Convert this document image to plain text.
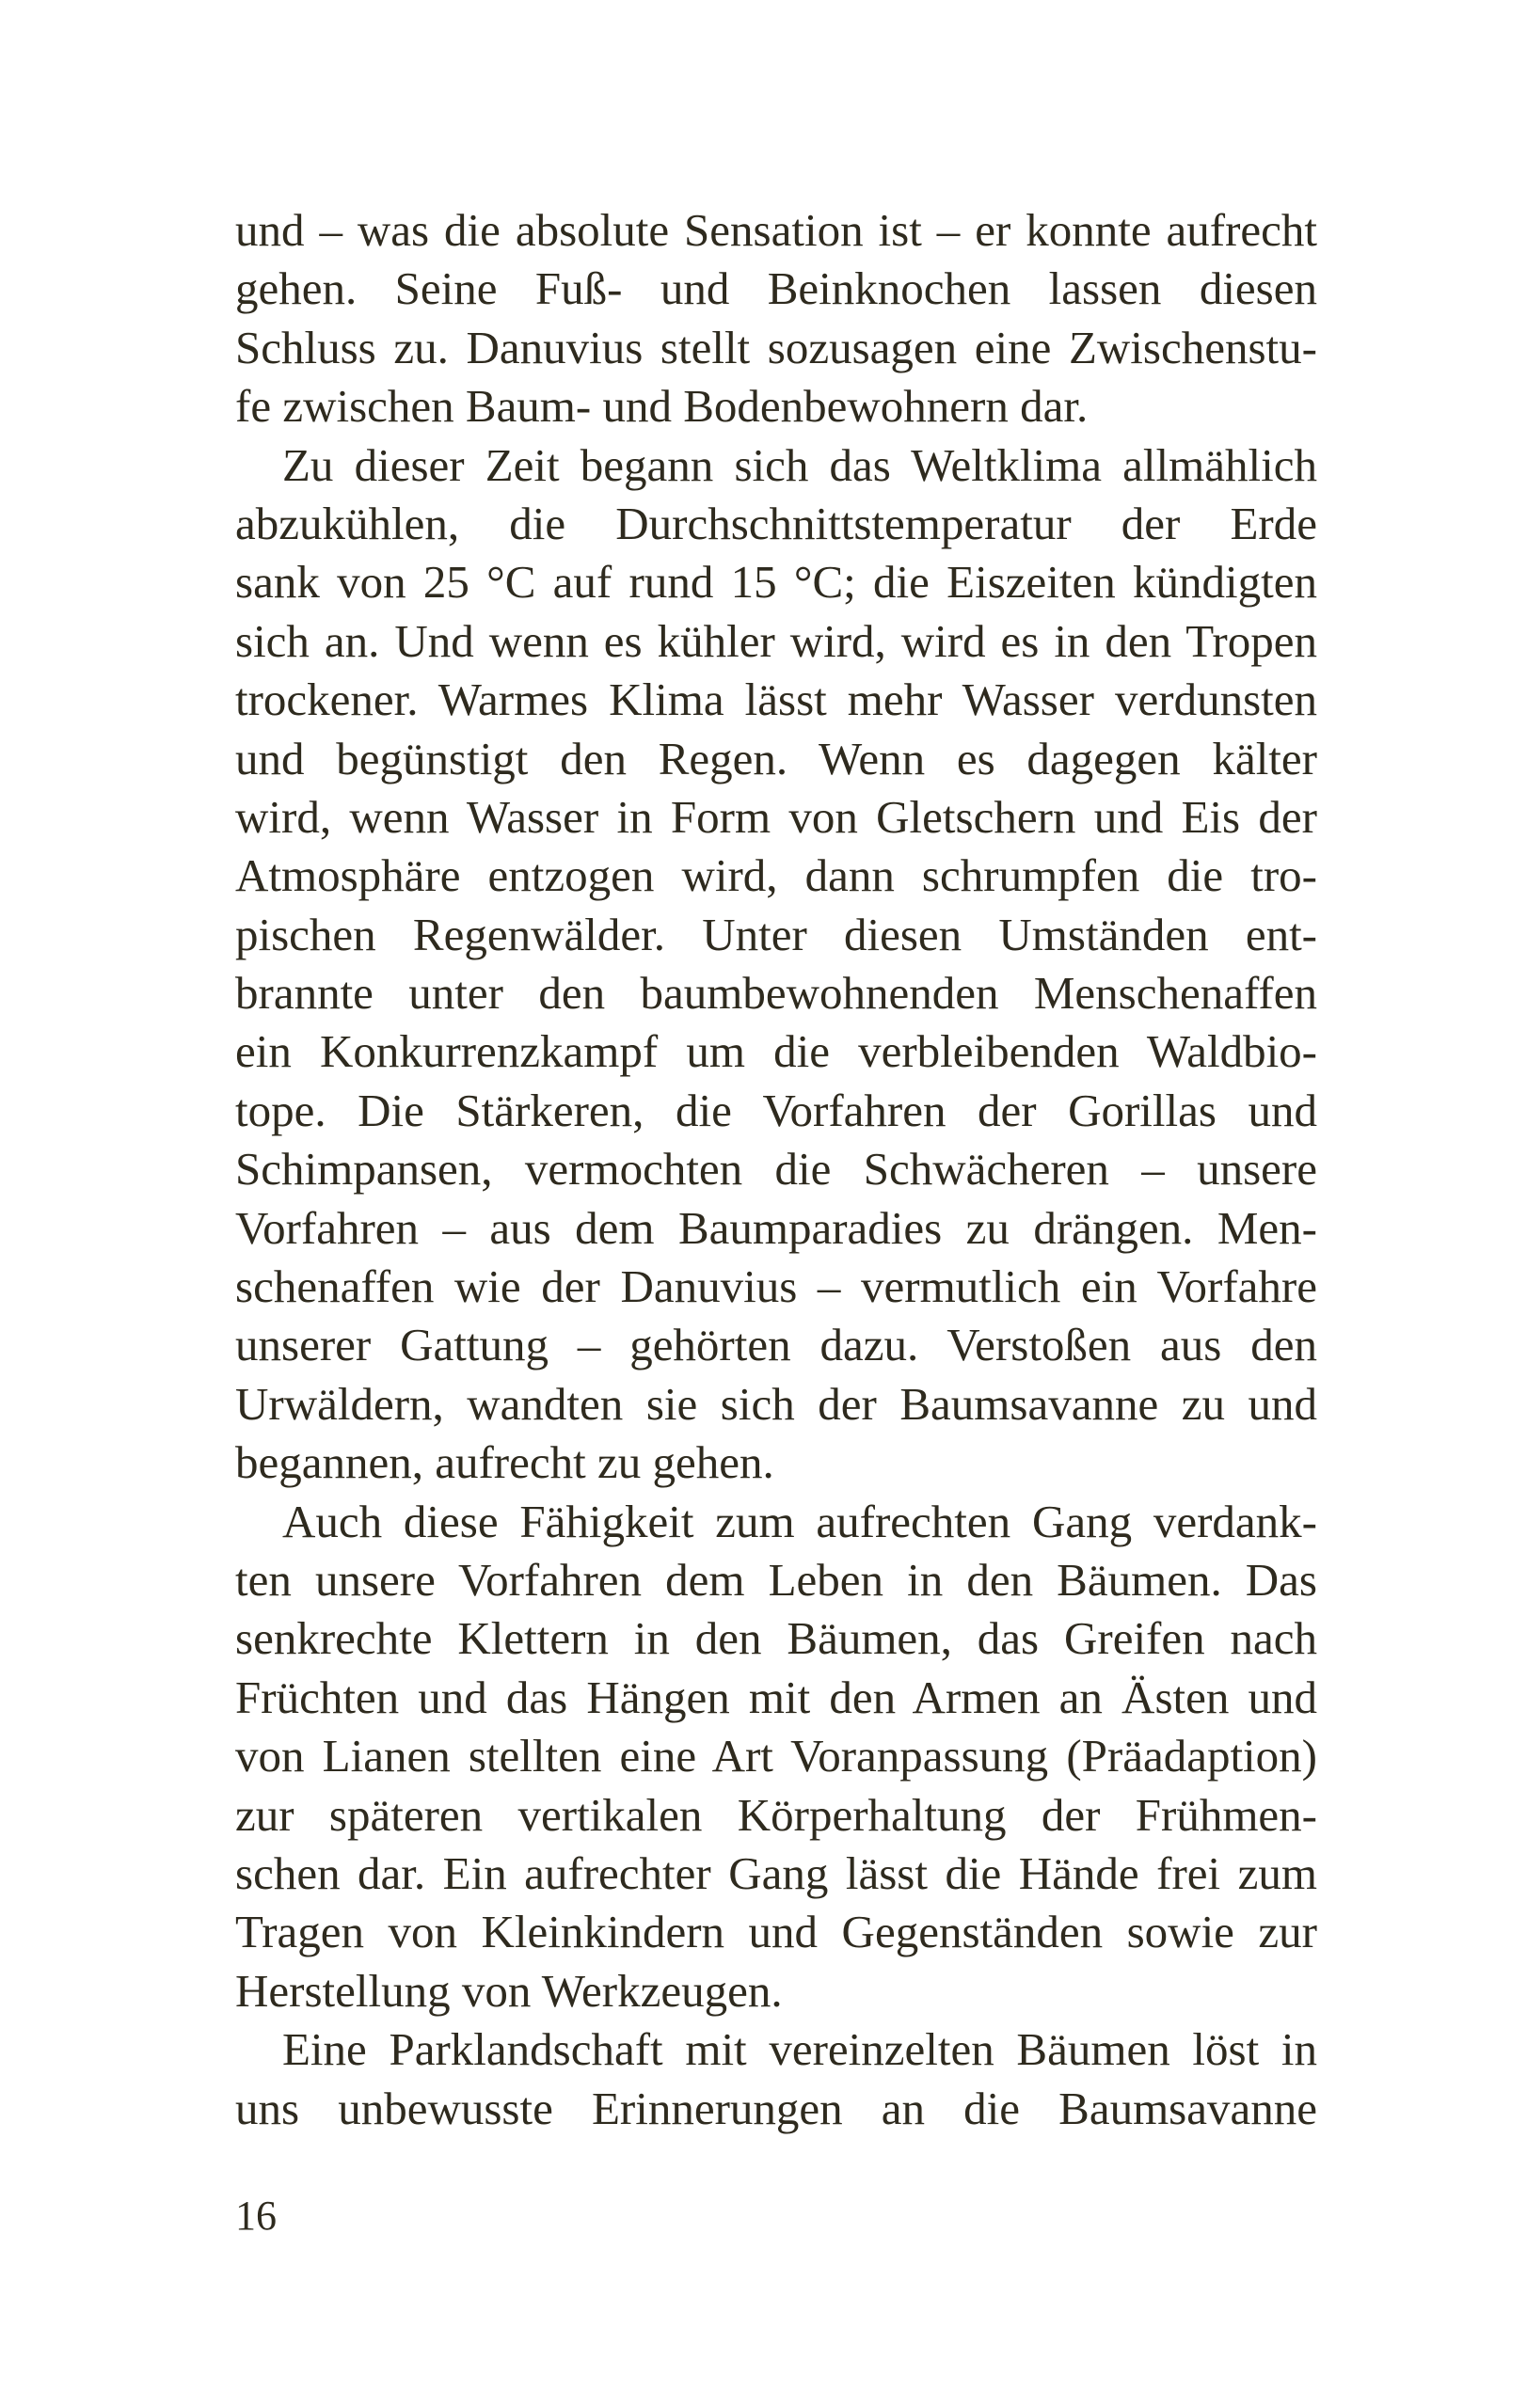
und – was die absolute Sensation ist – er konnte aufrecht
gehen. Seine Fuß- und Beinknochen lassen diesen
Schluss zu. Danuvius stellt sozusagen eine Zwischenstu-
fe zwischen Baum- und Bodenbewohnern dar.

Zu dieser Zeit begann sich das Weltklima allmählich
abzukühlen, die Durchschnittstemperatur der Erde
sank von 25 °C auf rund 15 °C; die Eiszeiten kündigten
sich an. Und wenn es kühler wird, wird es in den Tropen
trockener. Warmes Klima lässt mehr Wasser verdunsten
und begünstigt den Regen. Wenn es dagegen kälter
wird, wenn Wasser in Form von Gletschern und Eis der
Atmosphäre entzogen wird, dann schrumpfen die tro-
pischen Regenwälder. Unter diesen Umständen ent-
brannte unter den baumbewohnenden Menschenaffen
ein Konkurrenzkampf um die verbleibenden Waldbio-
tope. Die Stärkeren, die Vorfahren der Gorillas und
Schimpansen, vermochten die Schwächeren – unsere
Vorfahren – aus dem Baumparadies zu drängen. Men-
schenaffen wie der Danuvius – vermutlich ein Vorfahre
unserer Gattung – gehörten dazu. Verstoßen aus den
Urwäldern, wandten sie sich der Baumsavanne zu und
begannen, aufrecht zu gehen.

Auch diese Fähigkeit zum aufrechten Gang verdank-
ten unsere Vorfahren dem Leben in den Bäumen. Das
senkrechte Klettern in den Bäumen, das Greifen nach
Früchten und das Hängen mit den Armen an Ästen und
von Lianen stellten eine Art Voranpassung (Präadaption)
zur späteren vertikalen Körperhaltung der Frühmen-
schen dar. Ein aufrechter Gang lässt die Hände frei zum
Tragen von Kleinkindern und Gegenständen sowie zur
Herstellung von Werkzeugen.

Eine Parklandschaft mit vereinzelten Bäumen löst in
uns unbewusste Erinnerungen an die Baumsavanne

16
